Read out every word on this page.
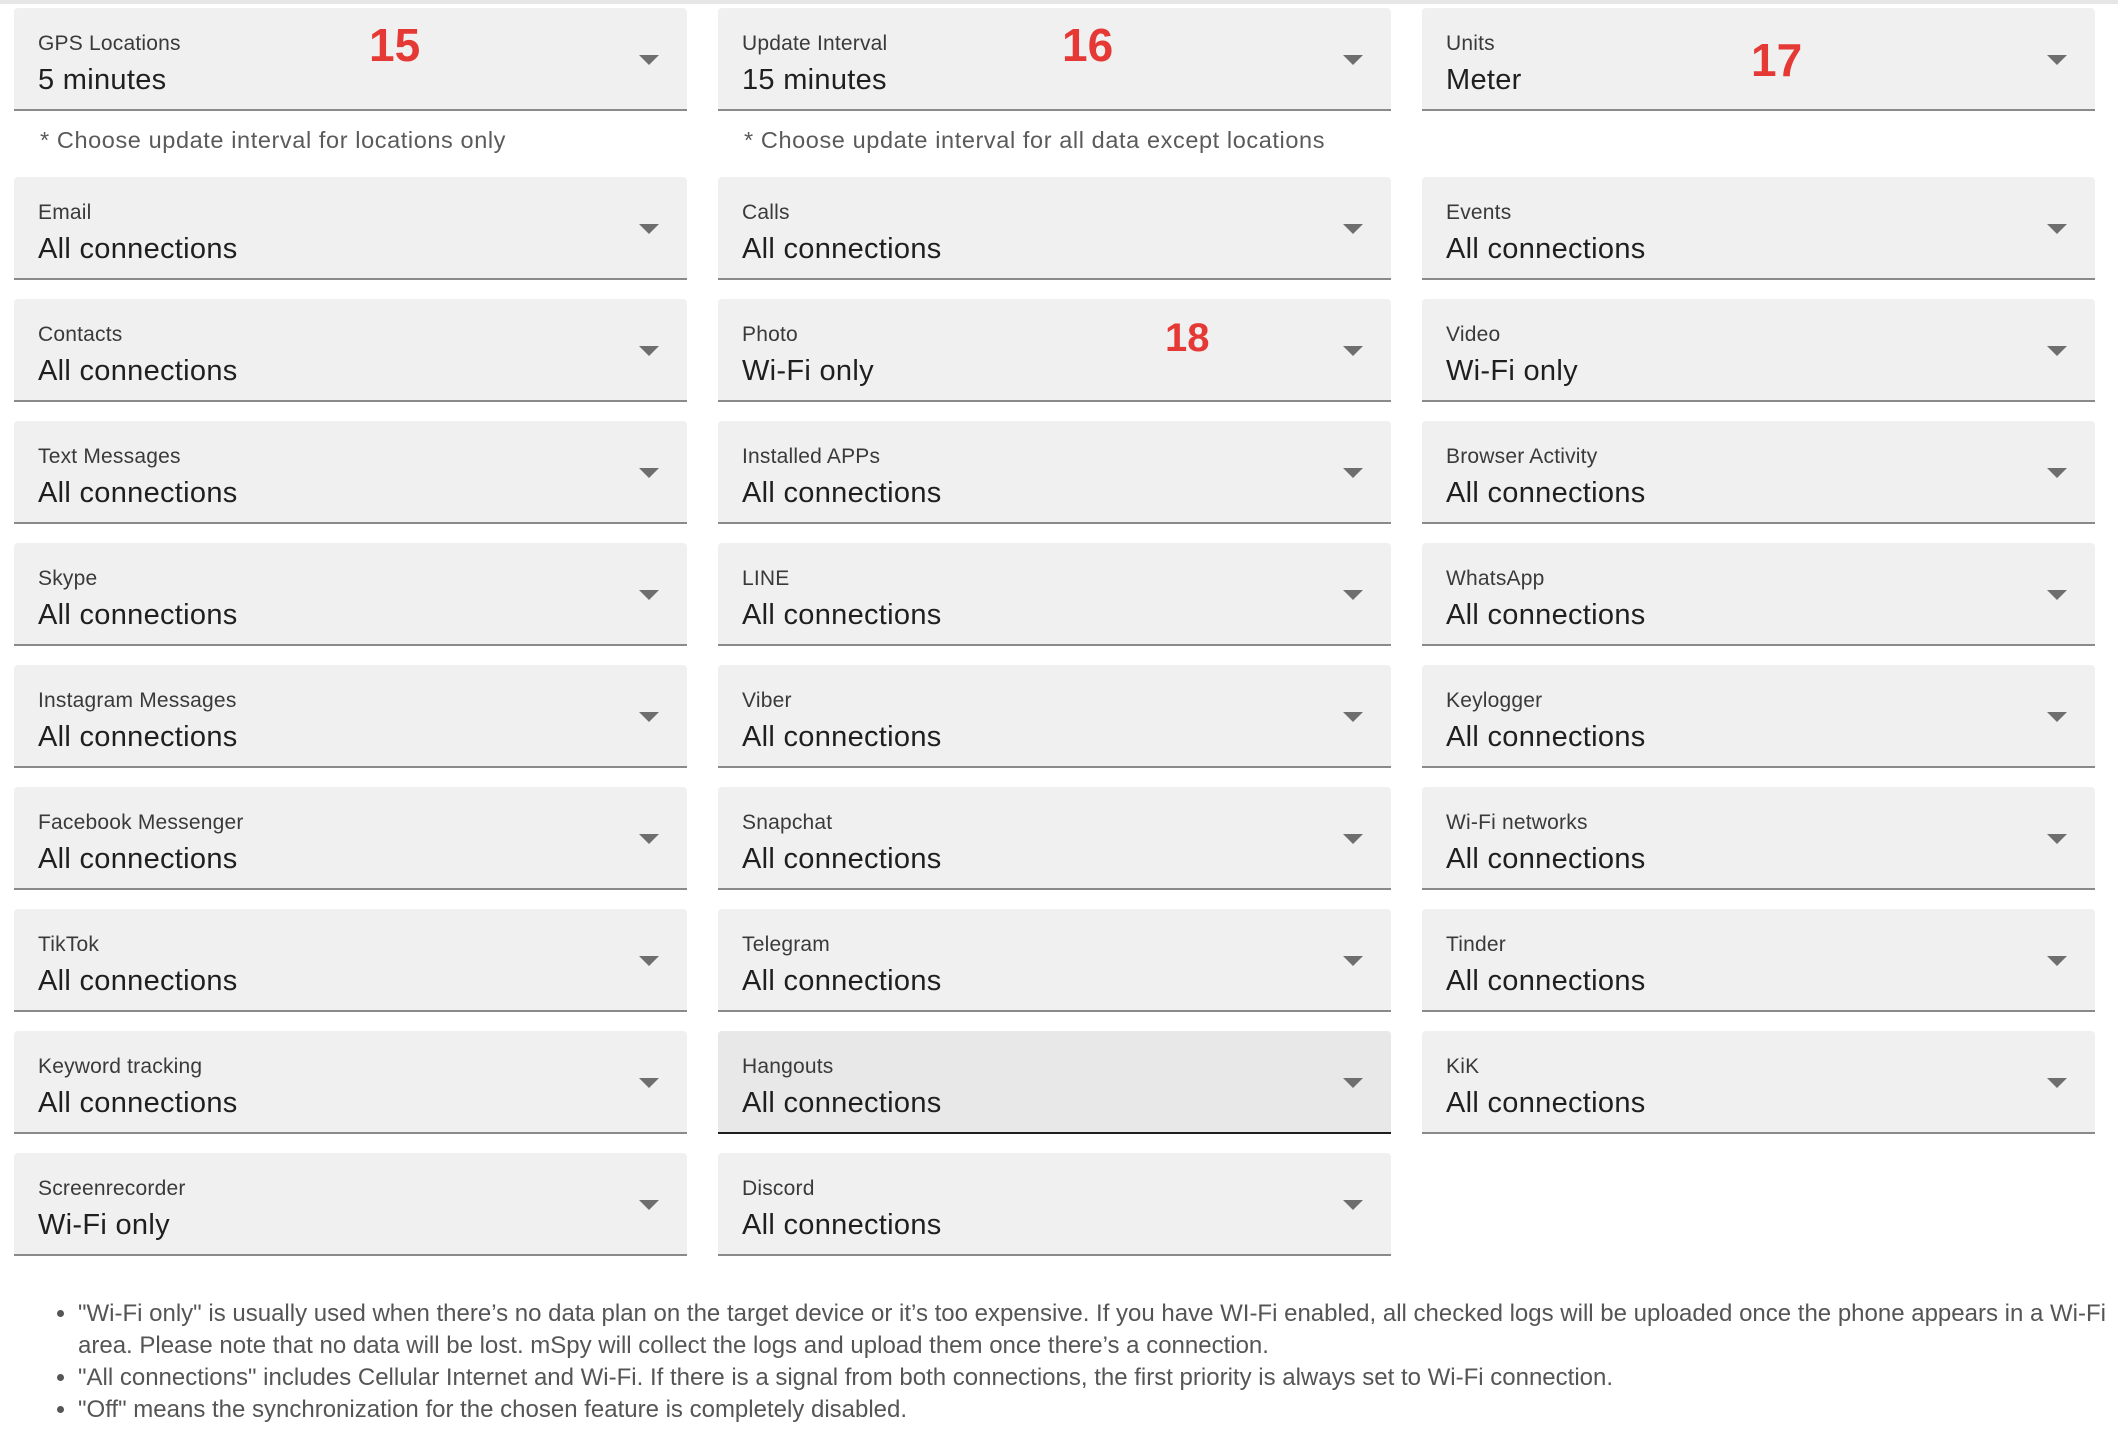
GPS Locations
5 minutes
15	Update Interval
15 minutes
16	Units
Meter	17
* Choose update interval for locations only	* Choose update interval for all data except locations
Email
All connections
Calls
All connections
Events
All connections
Contacts
All connections
Photo
Wi-Fi only
18	Video
Wi-Fi only
Text Messages
All connections
Installed APPs
All connections
Browser Activity
All connections
Skype
All connections
LINE
All connections
WhatsApp
All connections
Instagram Messages
All connections
Viber
All connections
Keylogger
All connections
Facebook Messenger
All connections
Snapchat
All connections
Wi-Fi networks
All connections
TikTok
All connections
Telegram
All connections
Tinder
All connections
Keyword tracking
All connections
Hangouts
All connections
KiK
All connections
Screenrecorder
Wi-Fi only
Discord
All connections
• "Wi-Fi only" is usually used when there’s no data plan on the target device or it’s too expensive. If you have WI-Fi enabled, all checked logs will be uploaded once the phone appears in a Wi-Fi area. Please note that no data will be lost. mSpy will collect the logs and upload them once there’s a connection.
• "All connections" includes Cellular Internet and Wi-Fi. If there is a signal from both connections, the first priority is always set to Wi-Fi connection.
• "Off" means the synchronization for the chosen feature is completely disabled.
